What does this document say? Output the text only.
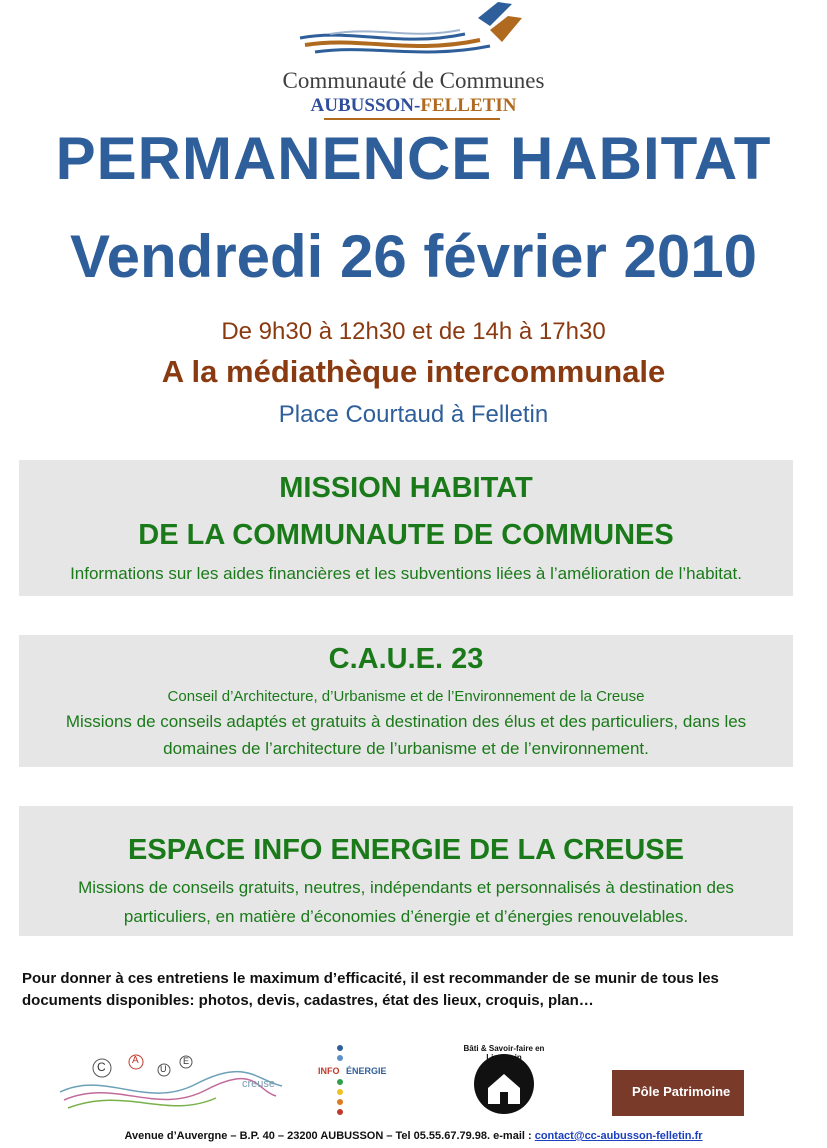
Communauté de Communes
AUBUSSON-FELLETIN
PERMANENCE HABITAT
Vendredi 26 février 2010
De 9h30 à 12h30 et de 14h à 17h30
A la médiathèque intercommunale
Place Courtaud à Felletin
MISSION HABITAT
DE LA COMMUNAUTE DE COMMUNES
Informations sur les aides financières et les subventions liées à l’amélioration de l’habitat.
C.A.U.E. 23
Conseil d’Architecture, d’Urbanisme et de l’Environnement de la Creuse
Missions de conseils adaptés et gratuits à destination des élus et des particuliers, dans les domaines de l’architecture de l’urbanisme et de l’environnement.
ESPACE INFO ENERGIE DE LA CREUSE
Missions de conseils gratuits, neutres, indépendants et personnalisés à destination des particuliers, en matière d’économies d’énergie et d’énergies renouvelables.
Pour donner à ces entretiens le maximum d’efficacité, il est recommander de se munir de tous les documents disponibles: photos, devis, cadastres, état des lieux, croquis, plan…
C	A
U
E
creuse
INFO ÉNERGIE
Bâti & Savoir-faire en Limousin
Pôle Patrimoine
Avenue d’Auvergne – B.P. 40 – 23200 AUBUSSON – Tel 05.55.67.79.98. e-mail : contact@cc-aubusson-felletin.fr
